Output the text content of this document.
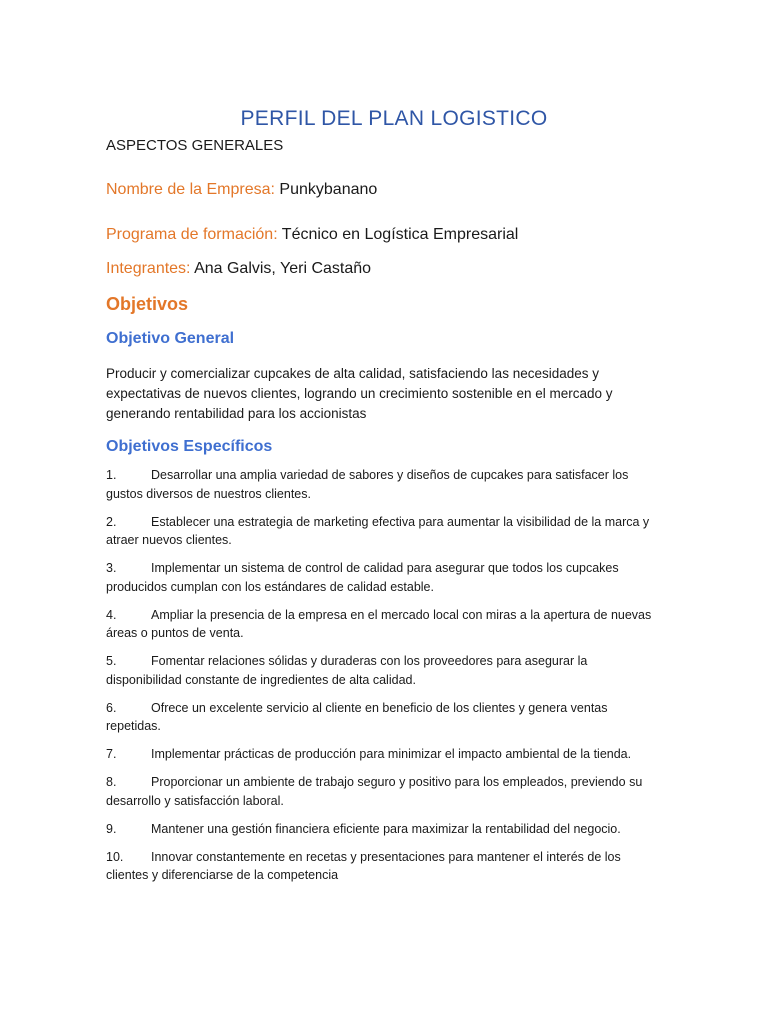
PERFIL DEL PLAN LOGISTICO
ASPECTOS GENERALES
Nombre de la Empresa: Punkybanano
Programa de formación: Técnico en Logística Empresarial
Integrantes: Ana Galvis, Yeri Castaño
Objetivos
Objetivo General

Producir y comercializar cupcakes de alta calidad, satisfaciendo las necesidades y expectativas de nuevos clientes, logrando un crecimiento sostenible en el mercado y generando rentabilidad para los accionistas

Objetivos Específicos
1.	Desarrollar una amplia variedad de sabores y diseños de cupcakes para satisfacer los gustos diversos de nuestros clientes.
2.	Establecer una estrategia de marketing efectiva para aumentar la visibilidad de la marca y atraer nuevos clientes.
3.	Implementar un sistema de control de calidad para asegurar que todos los cupcakes producidos cumplan con los estándares de calidad estable.
4.	Ampliar la presencia de la empresa en el mercado local con miras a la apertura de nuevas áreas o puntos de venta.
5.	Fomentar relaciones sólidas y duraderas con los proveedores para asegurar la disponibilidad constante de ingredientes de alta calidad.
6.	Ofrece un excelente servicio al cliente en beneficio de los clientes y genera ventas repetidas.
7.	Implementar prácticas de producción para minimizar el impacto ambiental de la tienda.
8.	Proporcionar un ambiente de trabajo seguro y positivo para los empleados, previendo su desarrollo y satisfacción laboral.
9.	Mantener una gestión financiera eficiente para maximizar la rentabilidad del negocio.
10. Innovar constantemente en recetas y presentaciones para mantener el interés de los clientes y diferenciarse de la competencia
